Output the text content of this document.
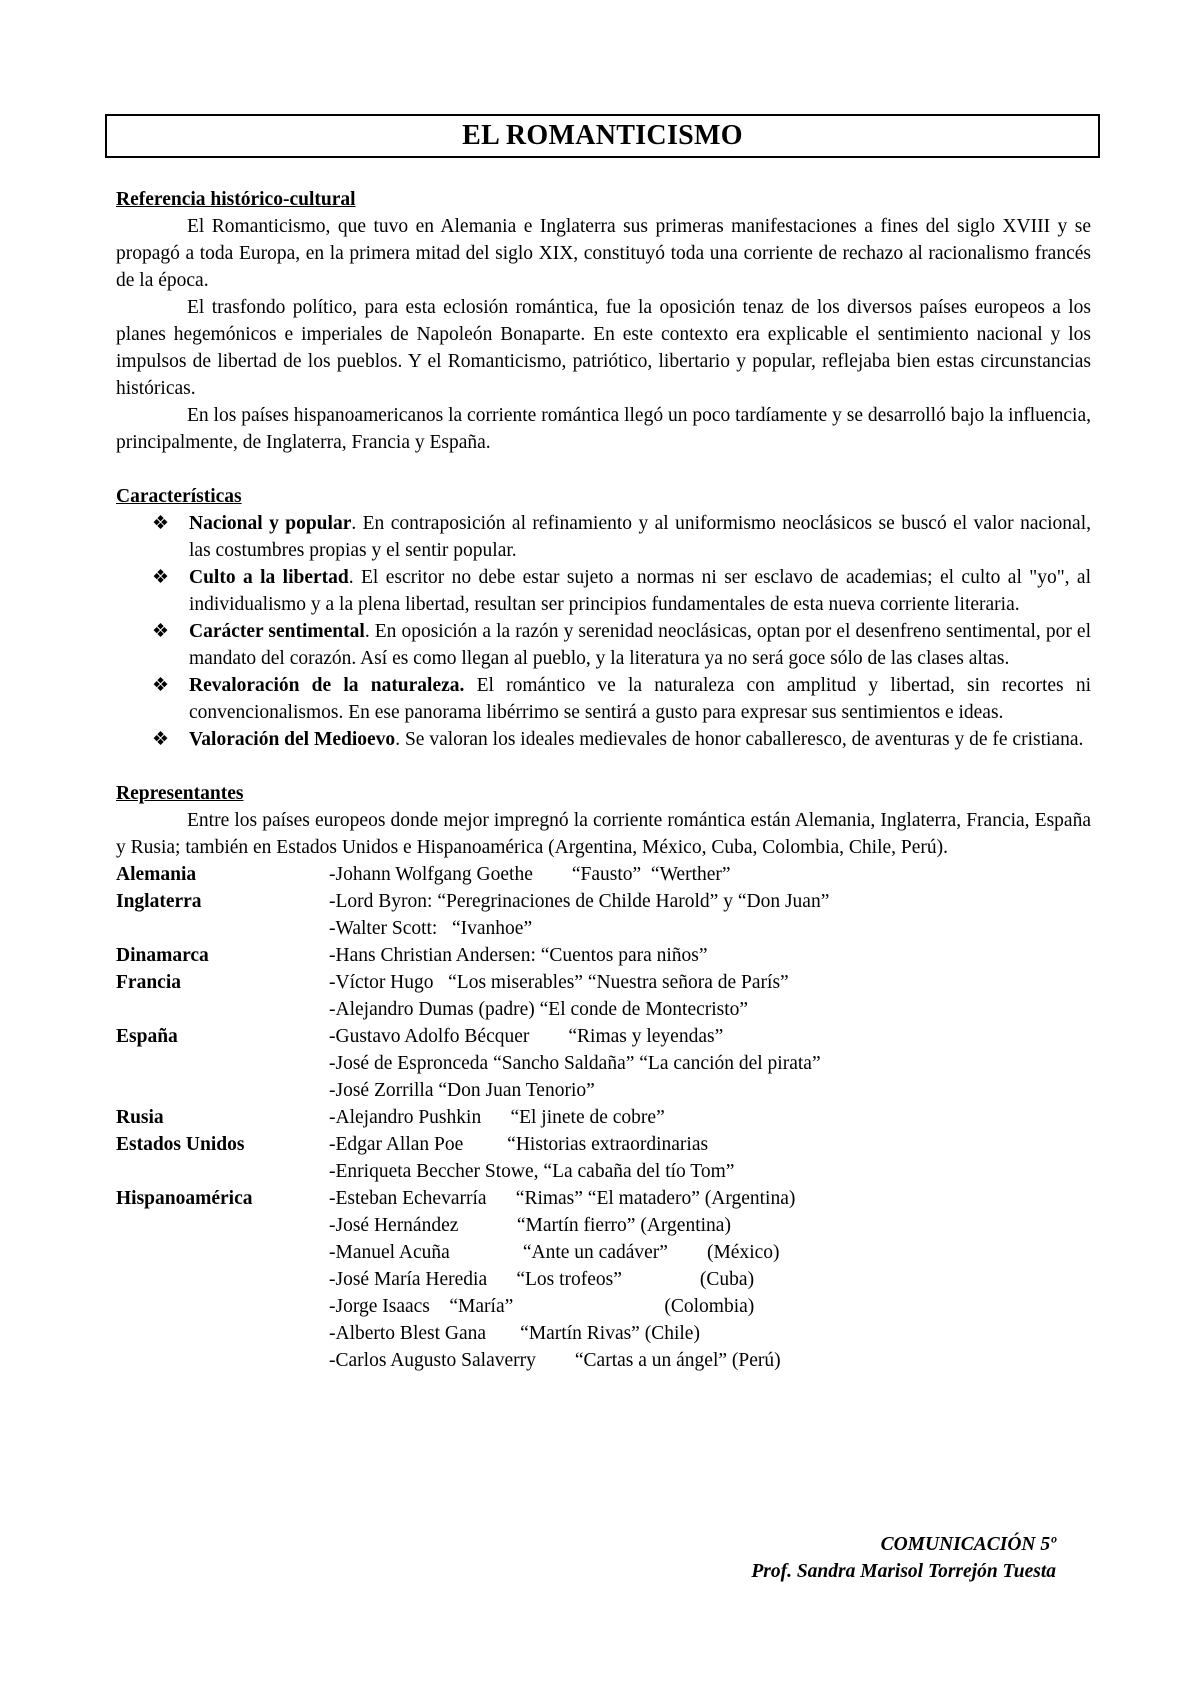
EL ROMANTICISMO

Referencia histórico-cultural

El Romanticismo, que tuvo en Alemania e Inglaterra sus primeras manifestaciones a fines del siglo XVIII y se propagó a toda Europa, en la primera mitad del siglo XIX, constituyó toda una corriente de rechazo al racionalismo francés de la época.

El trasfondo político, para esta eclosión romántica, fue la oposición tenaz de los diversos países europeos a los planes hegemónicos e imperiales de Napoleón Bonaparte. En este contexto era explicable el sentimiento nacional y los impulsos de libertad de los pueblos. Y el Romanticismo, patriótico, libertario y popular, reflejaba bien estas circunstancias históricas.

En los países hispanoamericanos la corriente romántica llegó un poco tardíamente y se desarrolló bajo la influencia, principalmente, de Inglaterra, Francia y España.

Características

❖ Nacional y popular. En contraposición al refinamiento y al uniformismo neoclásicos se buscó el valor nacional, las costumbres propias y el sentir popular.
❖ Culto a la libertad. El escritor no debe estar sujeto a normas ni ser esclavo de academias; el culto al "yo", al individualismo y a la plena libertad, resultan ser principios fundamentales de esta nueva corriente literaria.
❖ Carácter sentimental. En oposición a la razón y serenidad neoclásicas, optan por el desenfreno sentimental, por el mandato del corazón. Así es como llegan al pueblo, y la literatura ya no será goce sólo de las clases altas.
❖ Revaloración de la naturaleza. El romántico ve la naturaleza con amplitud y libertad, sin recortes ni convencionalismos. En ese panorama libérrimo se sentirá a gusto para expresar sus sentimientos e ideas.
❖ Valoración del Medioevo. Se valoran los ideales medievales de honor caballeresco, de aventuras y de fe cristiana.

Representantes

Entre los países europeos donde mejor impregnó la corriente romántica están Alemania, Inglaterra, Francia, España y Rusia; también en Estados Unidos e Hispanoamérica (Argentina, México, Cuba, Colombia, Chile, Perú).

Alemania	-Johann Wolfgang Goethe        “Fausto”  “Werther”
Inglaterra	-Lord Byron: “Peregrinaciones de Childe Harold” y “Don Juan”
-Walter Scott:   “Ivanhoe”
Dinamarca	-Hans Christian Andersen: “Cuentos para niños”
Francia	-Víctor Hugo   “Los miserables” “Nuestra señora de París”
-Alejandro Dumas (padre) “El conde de Montecristo”
España	-Gustavo Adolfo Bécquer        “Rimas y leyendas”
-José de Espronceda “Sancho Saldaña” “La canción del pirata”
-José Zorrilla “Don Juan Tenorio”
Rusia	-Alejandro Pushkin      “El jinete de cobre”
Estados Unidos	-Edgar Allan Poe         “Historias extraordinarias
-Enriqueta Beccher Stowe, “La cabaña del tío Tom”
Hispanoamérica	-Esteban Echevarría      “Rimas” “El matadero” (Argentina)
-José Hernández            “Martín fierro” (Argentina)
-Manuel Acuña               “Ante un cadáver”        (México)
-José María Heredia      “Los trofeos”                (Cuba)
-Jorge Isaacs    “María”                               (Colombia)
-Alberto Blest Gana       “Martín Rivas” (Chile)
-Carlos Augusto Salaverry        “Cartas a un ángel” (Perú)
COMUNICACIÓN 5º
Prof. Sandra Marisol Torrejón Tuesta
